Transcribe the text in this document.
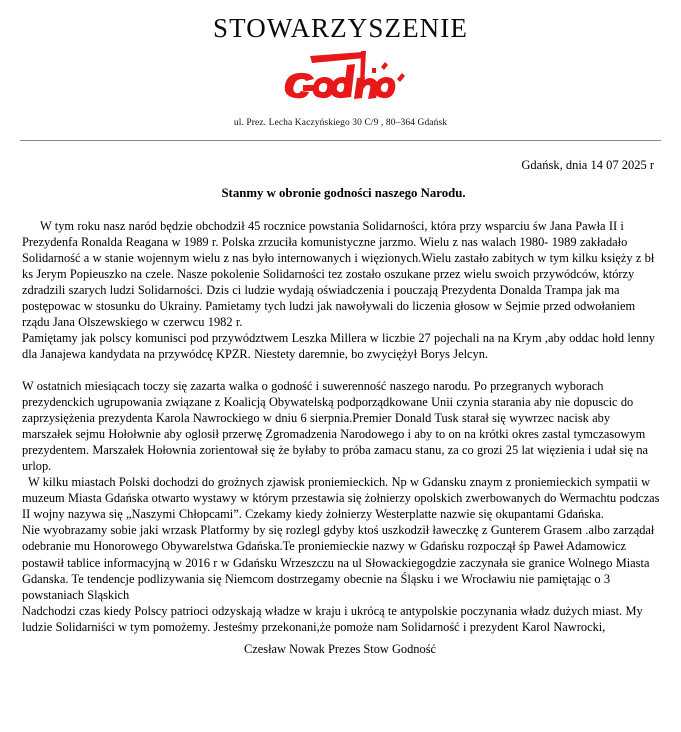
STOWARZYSZENIE
ul. Prez. Lecha Kaczyńskiego 30 C/9 , 80–364 Gdańsk
Gdańsk, dnia 14 07 2025 r
Stanmy w obronie godności naszego Narodu.

W tym roku nasz naród będzie obchodził 45 rocznice powstania Solidarności, która przy wsparciu św Jana Pawła II i Prezydenfa Ronalda Reagana w 1989 r. Polska zrzuciła komunistyczne jarzmo. Wielu z nas walach 1980- 1989 zakładało Solidarność a w stanie wojennym wielu z nas było internowanych i więzionych.Wielu zastało zabitych w tym kilku księży z bł ks Jerym Popieuszko na czele. Nasze pokolenie Solidarności tez zostało oszukane przez wielu swoich przywódców, którzy zdradzili szarych ludzi Solidarności. Dzis ci ludzie wydają oświadczenia i pouczają Prezydenta Donalda Trampa jak ma postępowac w stosunku do Ukrainy. Pamietamy tych ludzi jak nawoływali do liczenia głosow w Sejmie przed odwołaniem rządu Jana Olszewskiego w czerwcu 1982 r.

Pamiętamy jak polscy komunisci pod przywództwem Leszka Millera w liczbie 27 pojechali na na Krym ,aby oddac hołd lenny dla Janajewa kandydata na przywódcę KPZR. Niestety daremnie, bo zwyciężył Borys Jelcyn.

W ostatnich miesiącach toczy się zazarta walka o godność i suwerenność naszego narodu. Po przegranych wyborach prezydenckich ugrupowania związane z Koalicją Obywatelską podporządkowane Unii czynia starania aby nie dopuscic do zaprzysiężenia prezydenta Karola Nawrockiego w dniu 6 sierpnia.Premier Donald Tusk starał się wywrzec nacisk aby marszałek sejmu Hołołwnie aby oglosił przerwę Zgromadzenia Narodowego i aby to on na krótki okres zastal tymczasowym prezydentem. Marszałek Hołownia zorientował się że byłaby to próba zamacu stanu, za co grozi 25 lat więzienia i udał się na urlop.

W kilku miastach Polski dochodzi do grożnych zjawisk proniemieckich. Np w Gdansku znaym z proniemieckich sympatii w muzeum Miasta Gdańska otwarto wystawy w którym przestawia się żołnierzy opolskich zwerbowanych do Wermachtu podczas II wojny nazywa się „Naszymi Chłopcami”. Czekamy kiedy żołnierzy Westerplatte nazwie się okupantami Gdańska.

Nie wyobrazamy sobie jaki wrzask Platformy by się rozlegl gdyby ktoś uszkodził ławeczkę z Gunterem Grasem .albo zarządał odebranie mu Honorowego Obywarelstwa Gdańska.Te proniemieckie nazwy w Gdańsku rozpoczął śp Paweł Adamowicz postawił tablice informacyjną w 2016 r w Gdańsku Wrzeszczu na ul Słowackiegogdzie zaczynała sie granice Wolnego Miasta Gdanska. Te tendencje podlizywania się Niemcom dostrzegamy obecnie na Śląsku i we Wrocławiu nie pamiętając o 3 powstaniach Sląskich

Nadchodzi czas kiedy Polscy patrioci odzyskają władze w kraju i ukrócą te antypolskie poczynania władz dużych miast. My ludzie Solidarniści w tym pomożemy. Jesteśmy przekonani,że pomoże nam Solidarność i prezydent Karol Nawrocki,

Czesław Nowak Prezes Stow Godność
